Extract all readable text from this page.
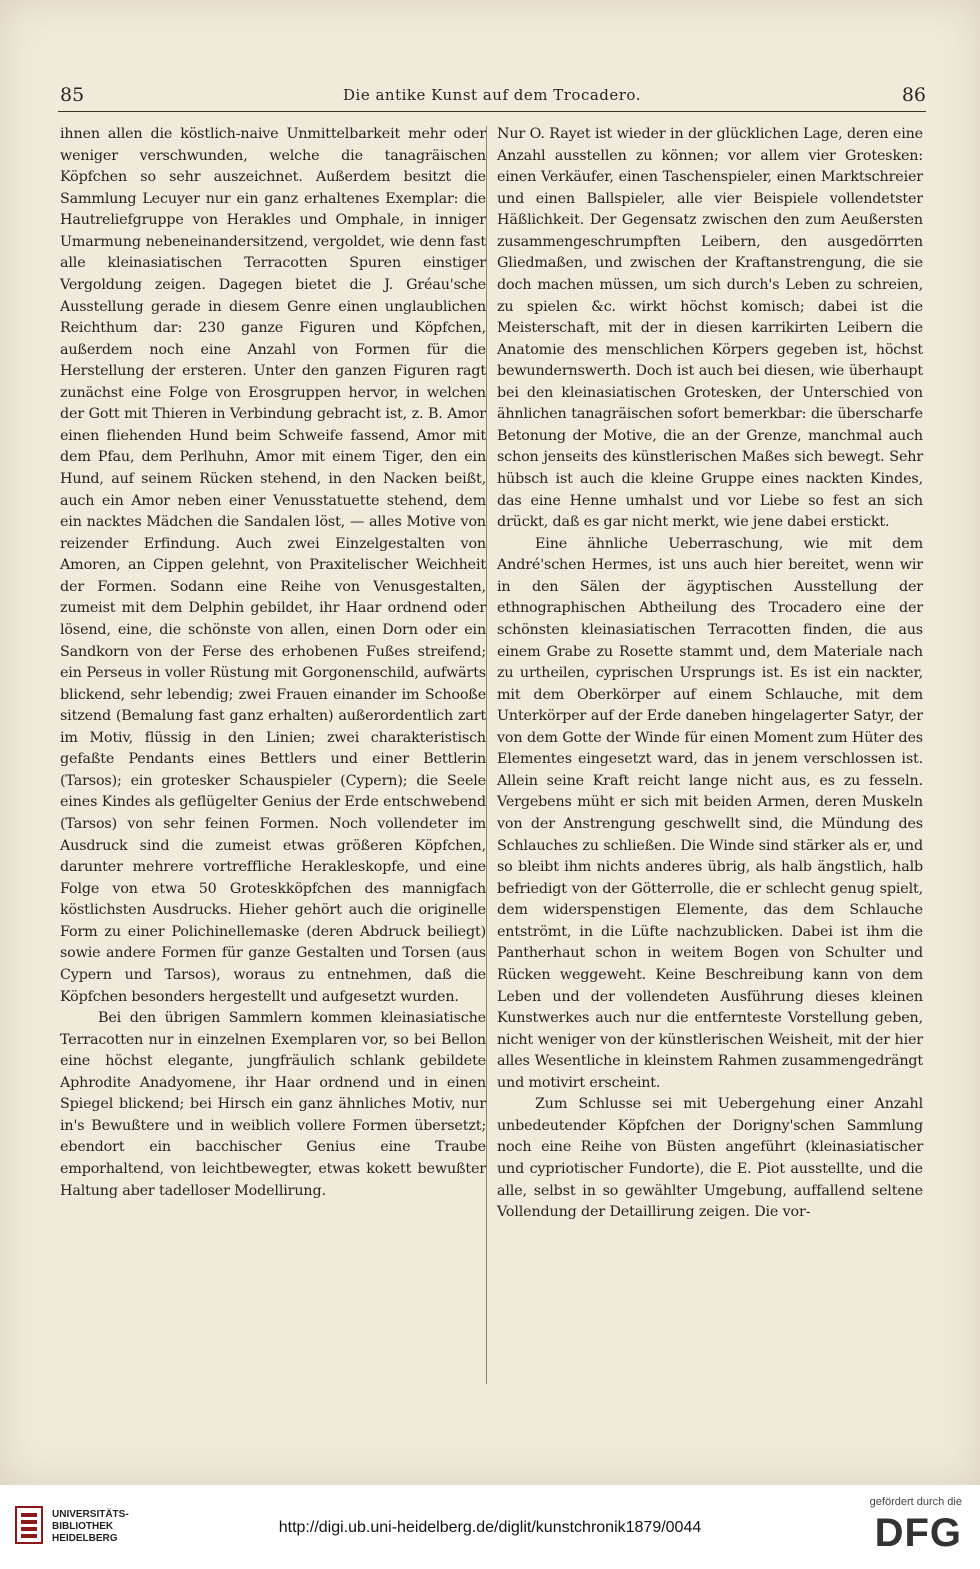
85	Die antike Kunst auf dem Trocadero.	86

ihnen allen die köstlich-naive Unmittelbarkeit mehr oder weniger verschwunden, welche die tanagräischen Köpfchen so sehr auszeichnet. Außerdem besitzt die Sammlung Lecuyer nur ein ganz erhaltenes Exemplar: die Hautreliefgruppe von Herakles und Omphale, in inniger Umarmung nebeneinandersitzend, vergoldet, wie denn fast alle kleinasiatischen Terracotten Spuren einstiger Vergoldung zeigen. Dagegen bietet die J. Gréau'sche Ausstellung gerade in diesem Genre einen unglaublichen Reichthum dar: 230 ganze Figuren und Köpfchen, außerdem noch eine Anzahl von Formen für die Herstellung der ersteren. Unter den ganzen Figuren ragt zunächst eine Folge von Erosgruppen hervor, in welchen der Gott mit Thieren in Verbindung gebracht ist, z. B. Amor einen fliehenden Hund beim Schweife fassend, Amor mit dem Pfau, dem Perlhuhn, Amor mit einem Tiger, den ein Hund, auf seinem Rücken stehend, in den Nacken beißt, auch ein Amor neben einer Venusstatuette stehend, dem ein nacktes Mädchen die Sandalen löst, — alles Motive von reizender Erfindung. Auch zwei Einzelgestalten von Amoren, an Cippen gelehnt, von Praxitelischer Weichheit der Formen. Sodann eine Reihe von Venusgestalten, zumeist mit dem Delphin gebildet, ihr Haar ordnend oder lösend, eine, die schönste von allen, einen Dorn oder ein Sandkorn von der Ferse des erhobenen Fußes streifend; ein Perseus in voller Rüstung mit Gorgonenschild, aufwärts blickend, sehr lebendig; zwei Frauen einander im Schooße sitzend (Bemalung fast ganz erhalten) außerordentlich zart im Motiv, flüssig in den Linien; zwei charakteristisch gefaßte Pendants eines Bettlers und einer Bettlerin (Tarsos); ein grotesker Schauspieler (Cypern); die Seele eines Kindes als geflügelter Genius der Erde entschwebend (Tarsos) von sehr feinen Formen. Noch vollendeter im Ausdruck sind die zumeist etwas größeren Köpfchen, darunter mehrere vortreffliche Herakleskopfe, und eine Folge von etwa 50 Groteskköpfchen des mannigfach köstlichsten Ausdrucks. Hieher gehört auch die originelle Form zu einer Polichinellemaske (deren Abdruck beiliegt) sowie andere Formen für ganze Gestalten und Torsen (aus Cypern und Tarsos), woraus zu entnehmen, daß die Köpfchen besonders hergestellt und aufgesetzt wurden.

Bei den übrigen Sammlern kommen kleinasiatische Terracotten nur in einzelnen Exemplaren vor, so bei Bellon eine höchst elegante, jungfräulich schlank gebildete Aphrodite Anadyomene, ihr Haar ordnend und in einen Spiegel blickend; bei Hirsch ein ganz ähnliches Motiv, nur in's Bewußtere und in weiblich vollere Formen übersetzt; ebendort ein bacchischer Genius eine Traube emporhaltend, von leichtbewegter, etwas kokett bewußter Haltung aber tadelloser Modellirung.

Nur O. Rayet ist wieder in der glücklichen Lage, deren eine Anzahl ausstellen zu können; vor allem vier Grotesken: einen Verkäufer, einen Taschenspieler, einen Marktschreier und einen Ballspieler, alle vier Beispiele vollendetster Häßlichkeit. Der Gegensatz zwischen den zum Aeußersten zusammengeschrumpften Leibern, den ausgedörrten Gliedmaßen, und zwischen der Kraftanstrengung, die sie doch machen müssen, um sich durch's Leben zu schreien, zu spielen &c. wirkt höchst komisch; dabei ist die Meisterschaft, mit der in diesen karrikirten Leibern die Anatomie des menschlichen Körpers gegeben ist, höchst bewundernswerth. Doch ist auch bei diesen, wie überhaupt bei den kleinasiatischen Grotesken, der Unterschied von ähnlichen tanagräischen sofort bemerkbar: die überscharfe Betonung der Motive, die an der Grenze, manchmal auch schon jenseits des künstlerischen Maßes sich bewegt. Sehr hübsch ist auch die kleine Gruppe eines nackten Kindes, das eine Henne umhalst und vor Liebe so fest an sich drückt, daß es gar nicht merkt, wie jene dabei erstickt.

Eine ähnliche Ueberraschung, wie mit dem André'schen Hermes, ist uns auch hier bereitet, wenn wir in den Sälen der ägyptischen Ausstellung der ethnographischen Abtheilung des Trocadero eine der schönsten kleinasiatischen Terracotten finden, die aus einem Grabe zu Rosette stammt und, dem Materiale nach zu urtheilen, cyprischen Ursprungs ist. Es ist ein nackter, mit dem Oberkörper auf einem Schlauche, mit dem Unterkörper auf der Erde daneben hingelagerter Satyr, der von dem Gotte der Winde für einen Moment zum Hüter des Elementes eingesetzt ward, das in jenem verschlossen ist. Allein seine Kraft reicht lange nicht aus, es zu fesseln. Vergebens müht er sich mit beiden Armen, deren Muskeln von der Anstrengung geschwellt sind, die Mündung des Schlauches zu schließen. Die Winde sind stärker als er, und so bleibt ihm nichts anderes übrig, als halb ängstlich, halb befriedigt von der Götterrolle, die er schlecht genug spielt, dem widerspenstigen Elemente, das dem Schlauche entströmt, in die Lüfte nachzublicken. Dabei ist ihm die Pantherhaut schon in weitem Bogen von Schulter und Rücken weggeweht. Keine Beschreibung kann von dem Leben und der vollendeten Ausführung dieses kleinen Kunstwerkes auch nur die entfernteste Vorstellung geben, nicht weniger von der künstlerischen Weisheit, mit der hier alles Wesentliche in kleinstem Rahmen zusammengedrängt und motivirt erscheint.

Zum Schlusse sei mit Uebergehung einer Anzahl unbedeutender Köpfchen der Dorigny'schen Sammlung noch eine Reihe von Büsten angeführt (kleinasiatischer und cypriotischer Fundorte), die E. Piot ausstellte, und die alle, selbst in so gewählter Umgebung, auffallend seltene Vollendung der Detaillirung zeigen. Die vor-

UNIVERSITÄTS-
BIBLIOTHEK
HEIDELBERG
http://digi.ub.uni-heidelberg.de/diglit/kunstchronik1879/0044
gefördert durch die
DFG
